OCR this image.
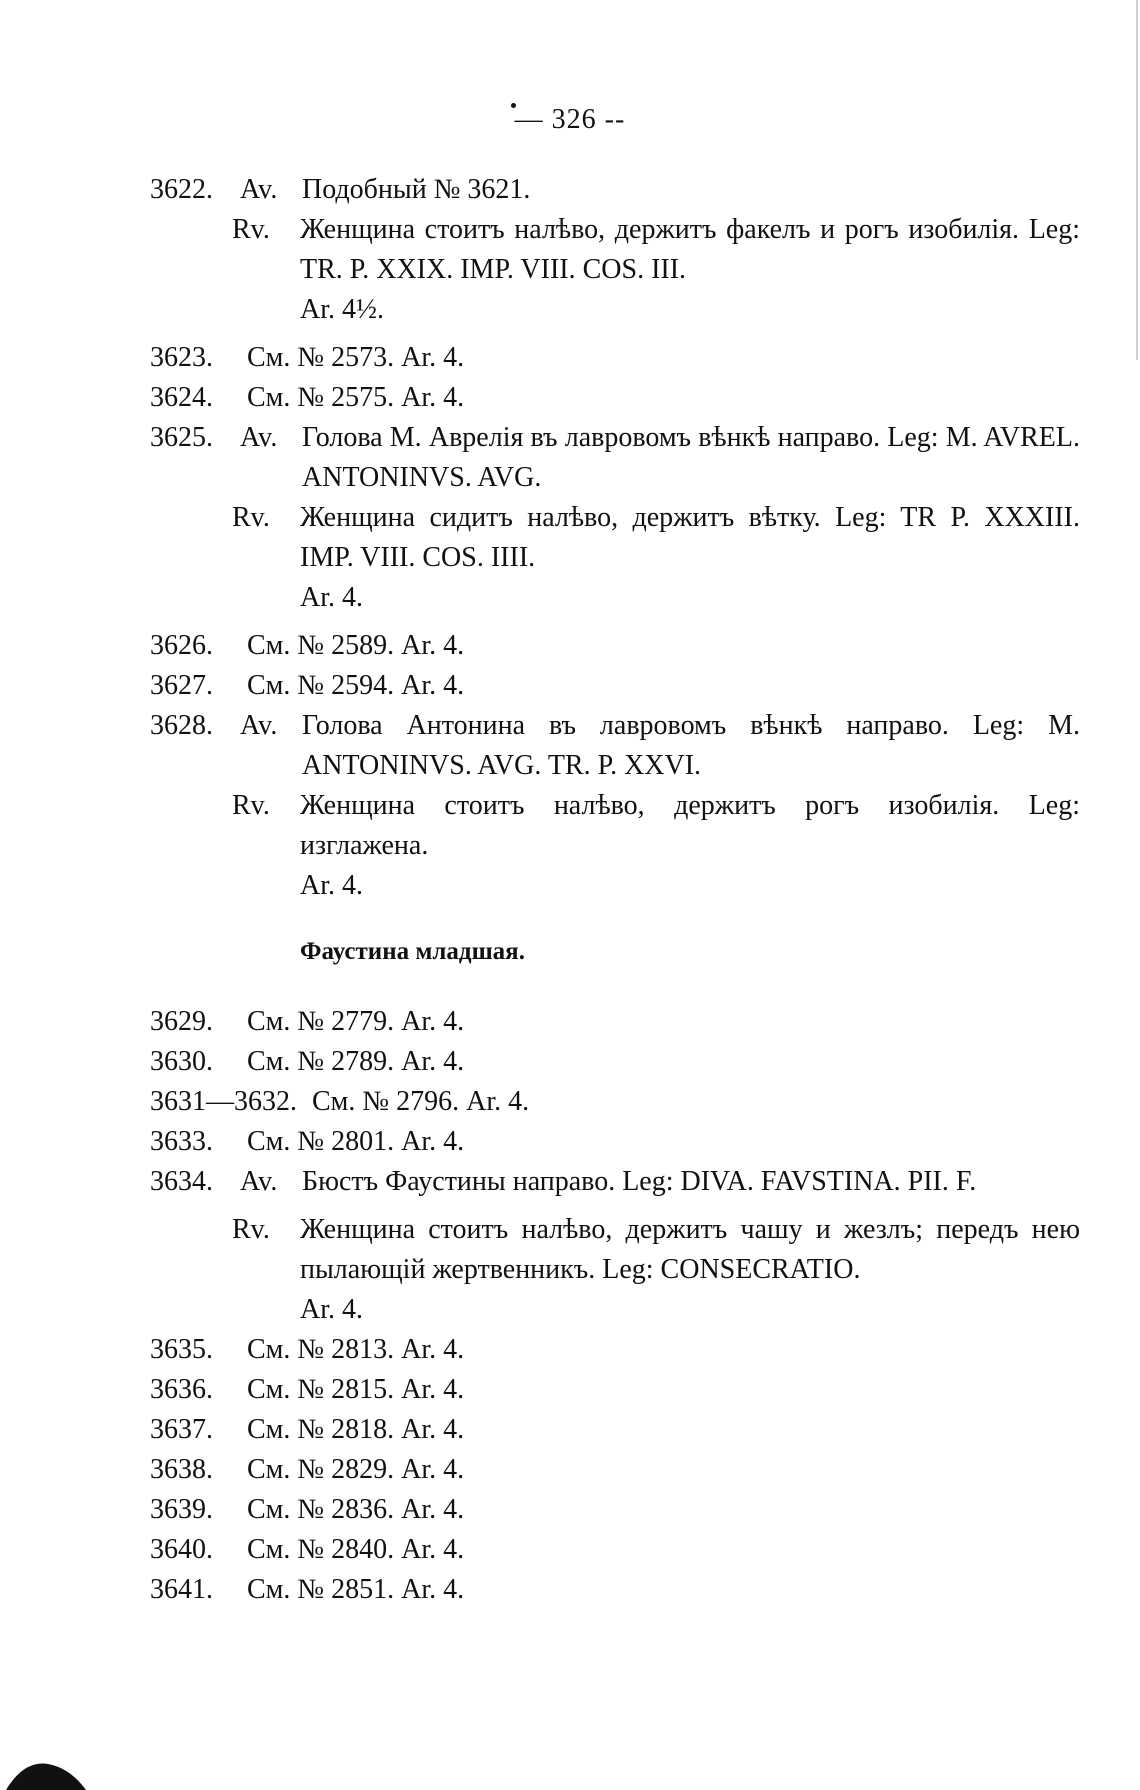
— 326 --
3622. Av. Подобный № 3621.
Rv.	Женщина стоитъ налѣво, держитъ факелъ и рогъ изобилія. Leg: TR. P. XXIX. IMP. VIII. COS. III.
Ar. 4½.
3623. См. № 2573. Ar. 4.
3624. См. № 2575. Ar. 4.
3625. Av. Голова М. Аврелія въ лавровомъ вѣнкѣ направо. Leg: M. AVREL. ANTONINVS. AVG.
Rv.	Женщина сидитъ налѣво, держитъ вѣтку. Leg: TR P. XXXIII. IMP. VIII. COS. IIII.
Ar. 4.
3626. См. № 2589. Ar. 4.
3627. См. № 2594. Ar. 4.
3628. Av. Голова Антонина въ лавровомъ вѣнкѣ направо. Leg: M. ANTONINVS. AVG. TR. P. XXVI.
Rv.	Женщина стоитъ налѣво, держитъ рогъ изобилія. Leg: изглажена.
Ar. 4.
Фаустина младшая.
3629. См. № 2779. Ar. 4.
3630. См. № 2789. Ar. 4.
3631—3632. См. № 2796. Ar. 4.
3633. См. № 2801. Ar. 4.
3634. Av. Бюстъ Фаустины направо. Leg: DIVA. FAVSTINA. PII. F.
Rv.	Женщина стоитъ налѣво, держитъ чашу и жезлъ; передъ нею пылающій жертвенникъ. Leg: CONSECRATIO.
Ar. 4.
3635. См. № 2813. Ar. 4.
3636. См. № 2815. Ar. 4.
3637. См. № 2818. Ar. 4.
3638. См. № 2829. Ar. 4.
3639. См. № 2836. Ar. 4.
3640. См. № 2840. Ar. 4.
3641. См. № 2851. Ar. 4.
